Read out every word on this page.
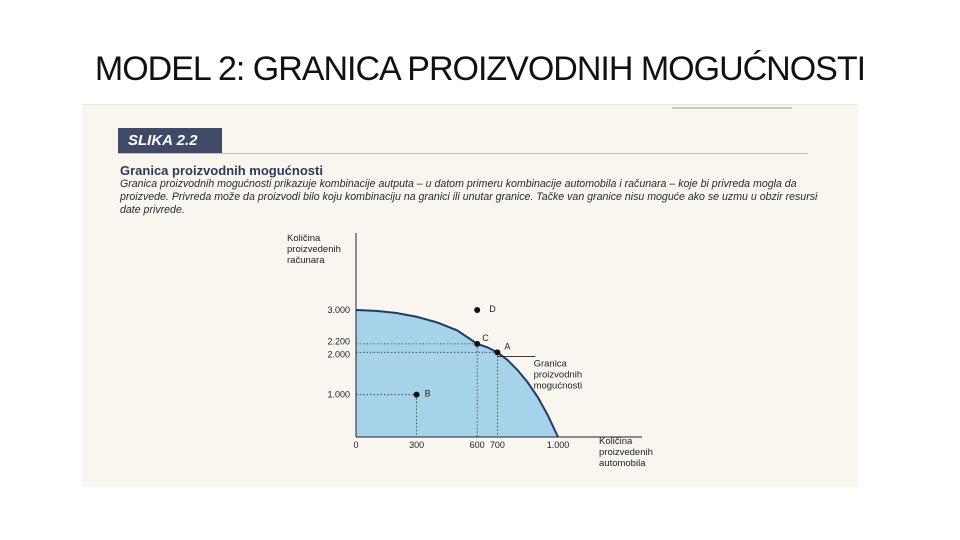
MODEL 2: GRANICA PROIZVODNIH MOGUĆNOSTI
SLIKA 2.2
Granica proizvodnih mogućnosti
Granica proizvodnih mogućnosti prikazuje kombinacije autputa – u datom primeru kombinacije automobila i računara – koje bi privreda mogla da proizvede. Privreda može da proizvodi bilo koju kombinaciju na granici ili unutar granice. Tačke van granice nisu moguće ako se uzmu u obzir resursi date privrede.
Količina
proizvedenih
računara
Količina
proizvedenih
automobila
0	300	600 700	1.000
1.000
2.000
2.200
3.000
A
B
C
D
Granica
proizvodnih
mogućnosti
